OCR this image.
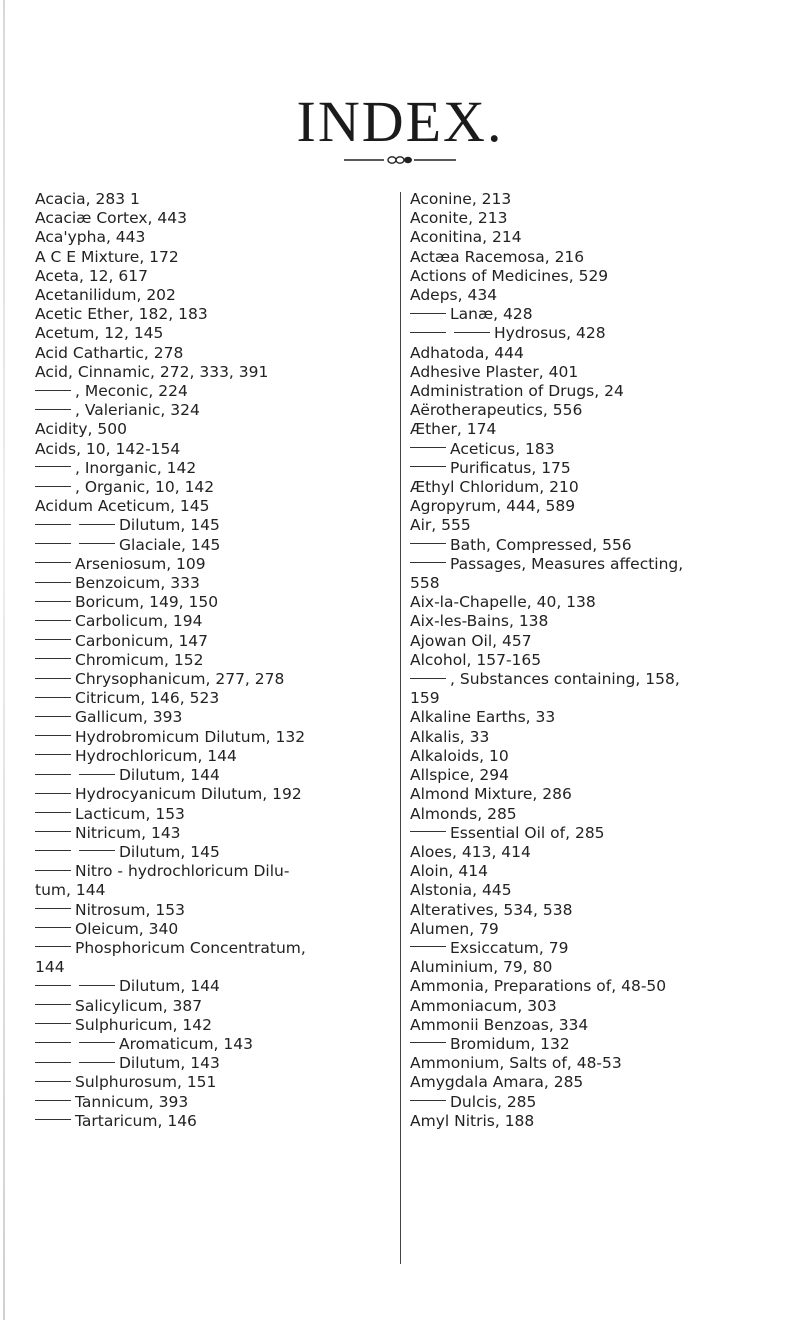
INDEX.
Acacia, 283 1
Acaciæ Cortex, 443
Aca'ypha, 443
A C E Mixture, 172
Aceta, 12, 617
Acetanilidum, 202
Acetic Ether, 182, 183
Acetum, 12, 145
Acid Cathartic, 278
Acid, Cinnamic, 272, 333, 391
, Meconic, 224
, Valerianic, 324
Acidity, 500
Acids, 10, 142-154
, Inorganic, 142
, Organic, 10, 142
Acidum Aceticum, 145
Dilutum, 145
Glaciale, 145
Arseniosum, 109
Benzoicum, 333
Boricum, 149, 150
Carbolicum, 194
Carbonicum, 147
Chromicum, 152
Chrysophanicum, 277, 278
Citricum, 146, 523
Gallicum, 393
Hydrobromicum Dilutum, 132
Hydrochloricum, 144
Dilutum, 144
Hydrocyanicum Dilutum, 192
Lacticum, 153
Nitricum, 143
Dilutum, 145
Nitro - hydrochloricum Dilu-
tum, 144
Nitrosum, 153
Oleicum, 340
Phosphoricum Concentratum,
144
Dilutum, 144
Salicylicum, 387
Sulphuricum, 142
Aromaticum, 143
Dilutum, 143
Sulphurosum, 151
Tannicum, 393
Tartaricum, 146
Aconine, 213
Aconite, 213
Aconitina, 214
Actæa Racemosa, 216
Actions of Medicines, 529
Adeps, 434
Lanæ, 428
Hydrosus, 428
Adhatoda, 444
Adhesive Plaster, 401
Administration of Drugs, 24
Aërotherapeutics, 556
Æther, 174
Aceticus, 183
Purificatus, 175
Æthyl Chloridum, 210
Agropyrum, 444, 589
Air, 555
Bath, Compressed, 556
Passages, Measures affecting,
558
Aix-la-Chapelle, 40, 138
Aix-les-Bains, 138
Ajowan Oil, 457
Alcohol, 157-165
, Substances containing, 158,
159
Alkaline Earths, 33
Alkalis, 33
Alkaloids, 10
Allspice, 294
Almond Mixture, 286
Almonds, 285
Essential Oil of, 285
Aloes, 413, 414
Aloin, 414
Alstonia, 445
Alteratives, 534, 538
Alumen, 79
Exsiccatum, 79
Aluminium, 79, 80
Ammonia, Preparations of, 48-50
Ammoniacum, 303
Ammonii Benzoas, 334
Bromidum, 132
Ammonium, Salts of, 48-53
Amygdala Amara, 285
Dulcis, 285
Amyl Nitris, 188
